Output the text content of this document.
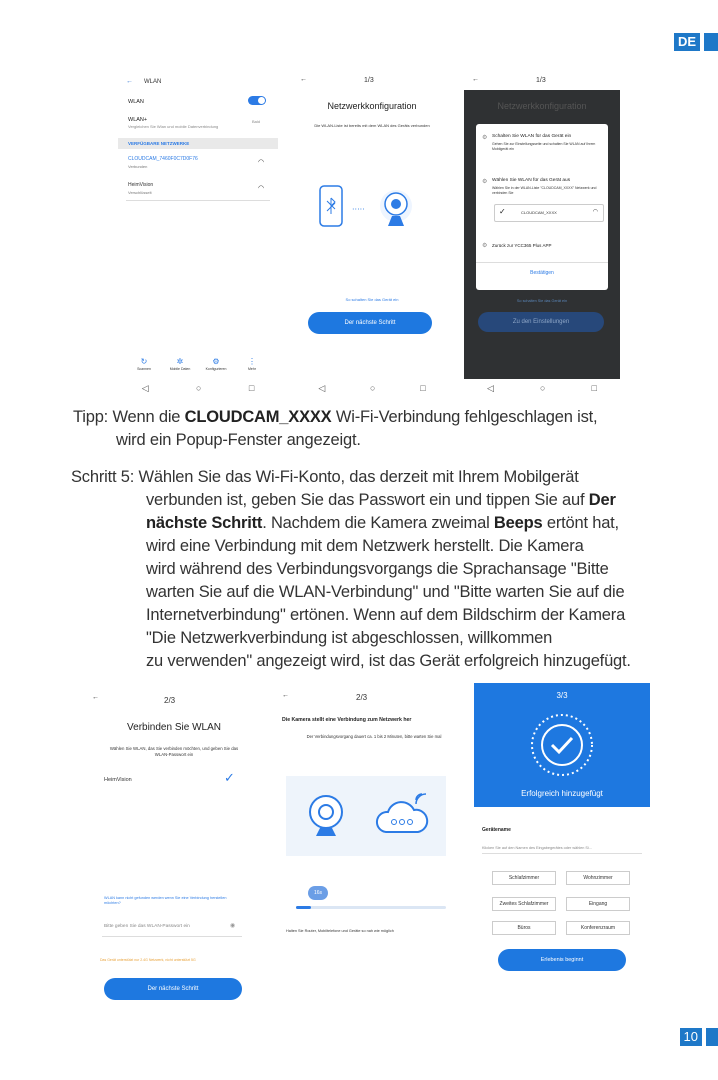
DE
← WLAN
WLAN
WLAN+
Vergleichen Sie Wlan und mobile Datenverbindung
Bald
VERFÜGBARE NETZWERKE
CLOUDCAM_7460F0C7D0F76
Verbunden
◠
HeimVision
Verschlüsselt
◠
↻
Scannen
✲
Mobile Daten
⚙
Konfigurieren
⋮
Mehr
◁	○	□
←	1/3
Netzwerkkonfiguration
Die WLAN-Liste ist bereits mit dem WLAN des Geräts verbunden
·····
So schalten Sie das Gerät ein
Der nächste Schritt
◁	○	□
←	1/3
Netzwerkkonfiguration
⚙ Schalten Sie WLAN für das Gerät ein
Gehen Sie zur Einstellungsseite und schalten Sie WLAN auf Ihrem Mobilgerät ein
⚙ Wählen Sie WLAN für das Gerät aus
Wählen Sie in der WLAN-Liste "CLOUDCAM_XXXX" Netzwerk und verbinden Sie
✓	CLOUDCAM_XXXX	◠
⚙ Zurück zur YCC365 Plus APP
Bestätigen
So schalten Sie das Gerät ein
Zu den Einstellungen
◁	○	□
Tipp: Wenn die CLOUDCAM_XXXX Wi-Fi-Verbindung fehlgeschlagen ist,
wird ein Popup-Fenster angezeigt.
Schritt 5: Wählen Sie das Wi-Fi-Konto, das derzeit mit Ihrem Mobilgerät
verbunden ist, geben Sie das Passwort ein und tippen Sie auf Der
nächste Schritt. Nachdem die Kamera zweimal Beeps ertönt hat,
wird eine Verbindung mit dem Netzwerk herstellt. Die Kamera
wird während des Verbindungsvorgangs die Sprachansage "Bitte
warten Sie auf die WLAN-Verbindung" und "Bitte warten Sie auf die
Internetverbindung" ertönen. Wenn auf dem Bildschirm der Kamera
"Die Netzwerkverbindung ist abgeschlossen, willkommen
zu verwenden" angezeigt wird, ist das Gerät erfolgreich hinzugefügt.
←	2/3
Verbinden Sie WLAN
Wählen Sie WLAN, das Sie verbinden möchten, und geben Sie das WLAN-Passwort ein
HeimVision	✓
WLAN kann nicht gefunden werden wenn Sie eine Verbindung herstellen möchten?
Bitte geben Sie das WLAN-Passwort ein	◉
Das Gerät unterstützt nur 2.4G Netzwerk, nicht unterstützt 5G
Der nächste Schritt
←	2/3
Die Kamera stellt eine Verbindung zum Netzwerk her
Der Verbindungsvorgang dauert ca. 1 bis 2 Minuten, bitte warten Sie mal
16s
Halten Sie Router, Mobiltelefone und Geräte so nah wie möglich
3/3
Erfolgreich hinzugefügt
Gerätename
Klicken Sie auf den Namen des Eingabegerätes oder wählen Si...
Schlafzimmer	Wohnzimmer
Zweites Schlafzimmer	Eingang
Büros	Konferenzraum
Erlebenis beginnt
10
